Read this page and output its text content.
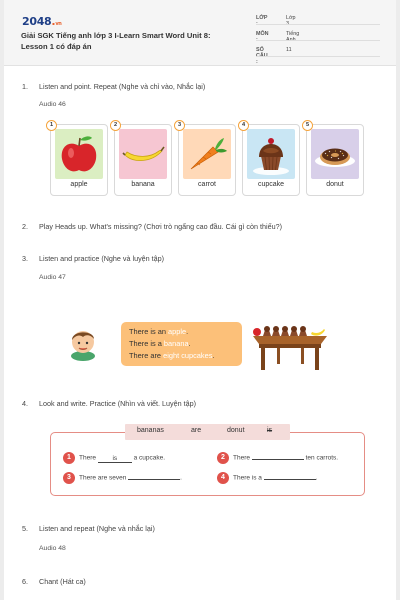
2048.vn
Giải SGK Tiếng anh lớp 3 I-Learn Smart Word Unit 8: Lesson 1 có đáp án
LỚP :
Lớp 3
MÔN :
Tiếng Anh
SỐ CÂU :
11
1. Listen and point. Repeat (Nghe và chỉ vào, Nhắc lại)
Audio 46
1
apple
2
banana
3
carrot
4
cupcake
5
donut
2. Play Heads up. What's missing? (Chơi trò ngẩng cao đầu. Cái gì còn thiếu?)
3. Listen and practice (Nghe và luyện tập)
Audio 47
There is an apple.
There is a banana.
There are eight cupcakes.
4. Look and write. Practice (Nhìn và viết. Luyện tập)
bananas	are	donut	is
1 There is a cupcake.	2 There	ten carrots.
3 There are seven	.	4 There is a	.
5. Listen and repeat (Nghe và nhắc lại)
Audio 48
6. Chant (Hát ca)
